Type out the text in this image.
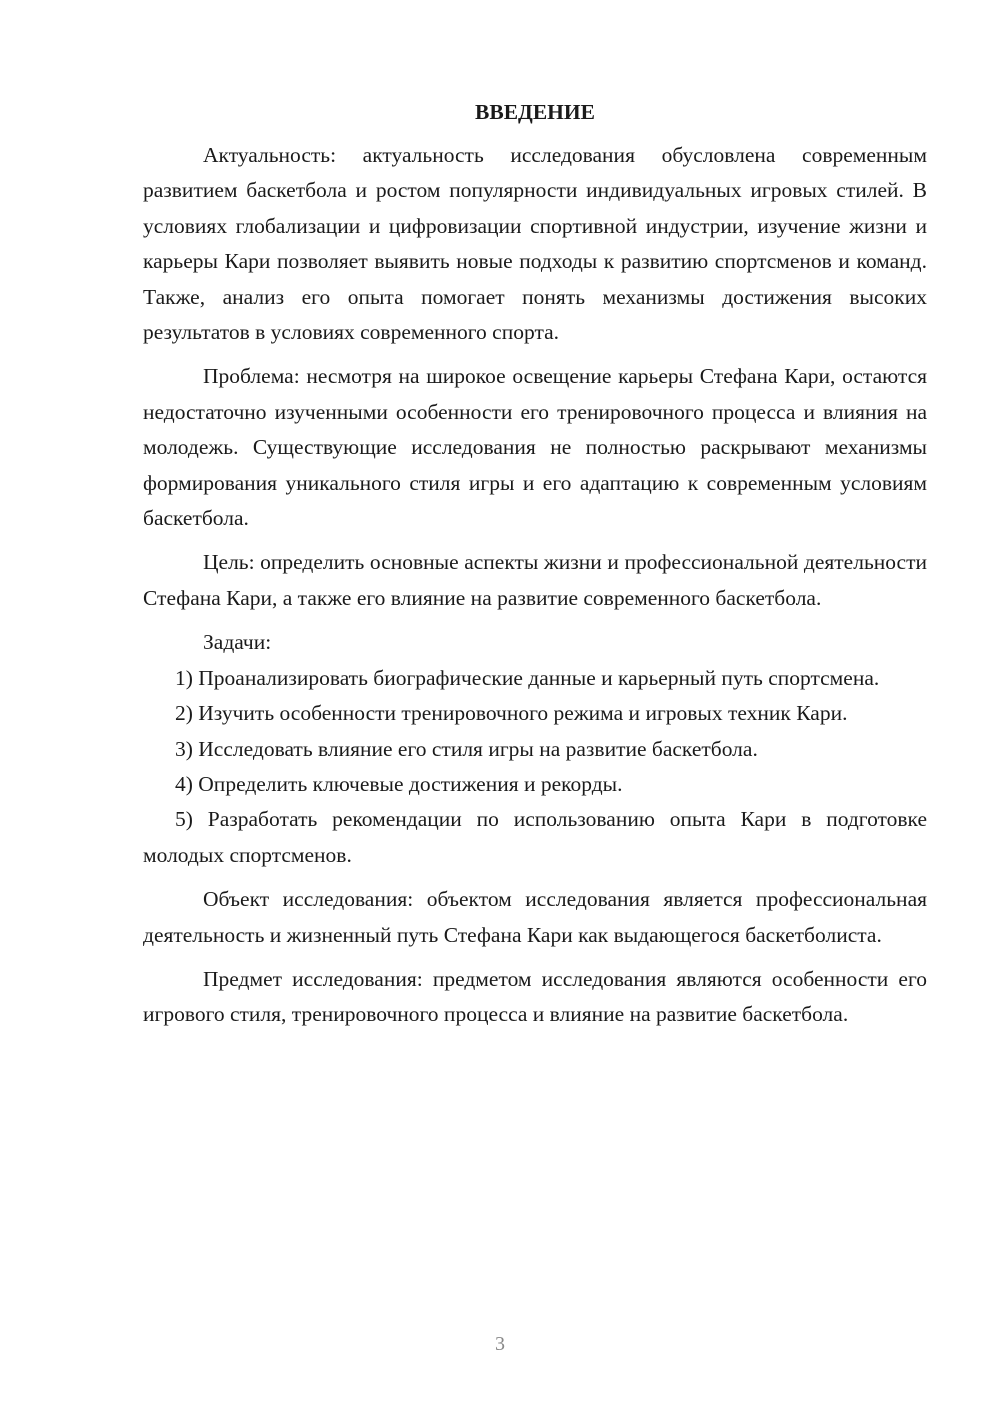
ВВЕДЕНИЕ

Актуальность: актуальность исследования обусловлена современным развитием баскетбола и ростом популярности индивидуальных игровых стилей. В условиях глобализации и цифровизации спортивной индустрии, изучение жизни и карьеры Кари позволяет выявить новые подходы к развитию спортсменов и команд. Также, анализ его опыта помогает понять механизмы достижения высоких результатов в условиях современного спорта.

Проблема: несмотря на широкое освещение карьеры Стефана Кари, остаются недостаточно изученными особенности его тренировочного процесса и влияния на молодежь. Существующие исследования не полностью раскрывают механизмы формирования уникального стиля игры и его адаптацию к современным условиям баскетбола.

Цель: определить основные аспекты жизни и профессиональной деятельности Стефана Кари, а также его влияние на развитие современного баскетбола.

Задачи:

1) Проанализировать биографические данные и карьерный путь спортсмена.

2) Изучить особенности тренировочного режима и игровых техник Кари.

3) Исследовать влияние его стиля игры на развитие баскетбола.

4) Определить ключевые достижения и рекорды.

5) Разработать рекомендации по использованию опыта Кари в подготовке молодых спортсменов.

Объект исследования: объектом исследования является профессиональная деятельность и жизненный путь Стефана Кари как выдающегося баскетболиста.

Предмет исследования: предметом исследования являются особенности его игрового стиля, тренировочного процесса и влияние на развитие баскетбола.

3
